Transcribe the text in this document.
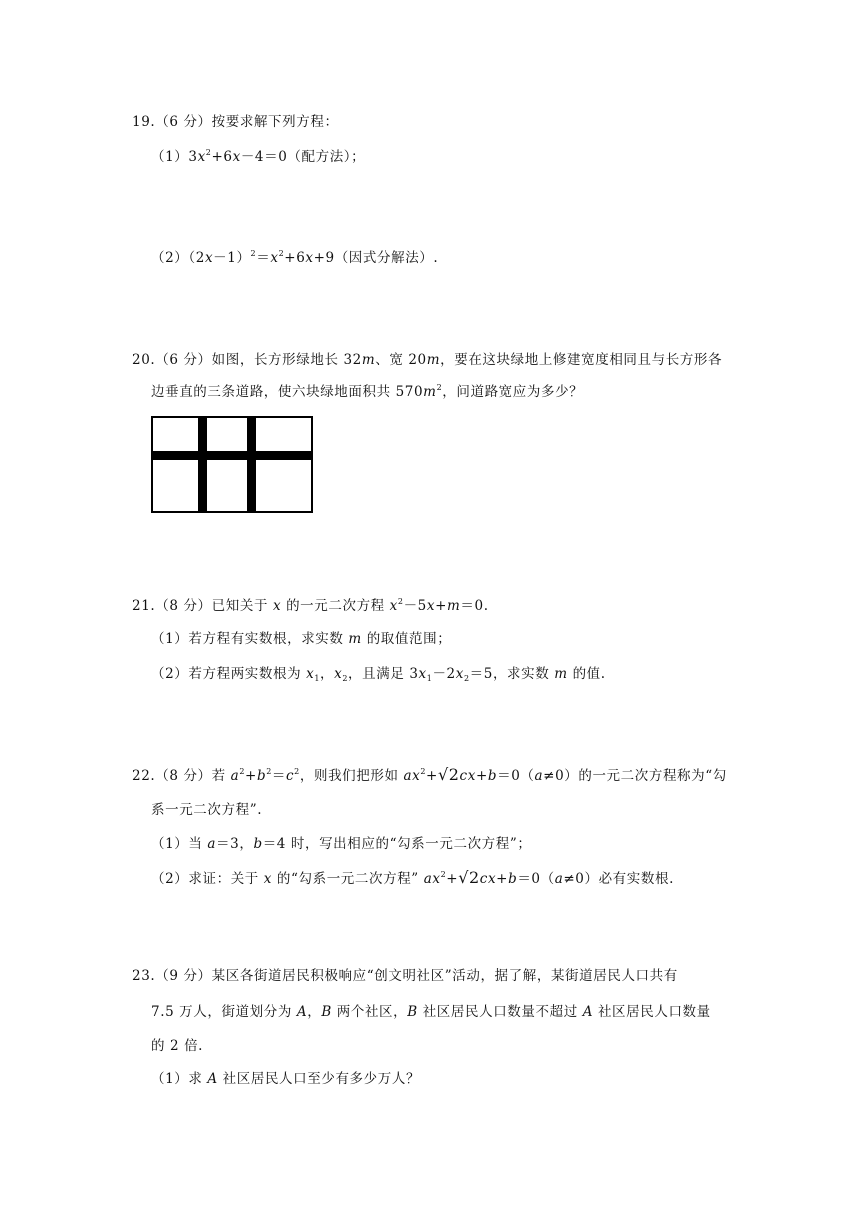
19.（6 分）按要求解下列方程：
$(1)3x^2+6x-4=0$（配方法）；
$(2)(2x-1)^2=x^2+6x+9$（因式分解法）.
20.（6 分）如图，长方形绿地长 32m、宽 20m，要在这块绿地上修建宽度相同且与长方形各
边垂直的三条道路，使六块绿地面积共 $570m^2$，问道路宽应为多少？
21.（8 分）已知关于 x 的一元二次方程 $x^2-5x+m=0$.
（1）若方程有实数根，求实数 m 的取值范围；
（2）若方程两实数根为 $x_1$，$x_2$，且满足 $3x_1-2x_2=5$，求实数 m 的值.
22.（8 分）若 $a^2+b^2=c^2$，则我们把形如 $ax^2+√2cx+b=0(a\ne 0)$的一元二次方程称为“勾
系一元二次方程”.
（1）当 a＝3，b＝4 时，写出相应的“勾系一元二次方程”；
（2）求证：关于 x 的“勾系一元二次方程” $ax^2+√2cx+b=0(a\ne 0)$必有实数根.
23.（9 分）某区各街道居民积极响应“创文明社区”活动，据了解，某街道居民人口共有
7.5 万人，街道划分为 A，B 两个社区，B 社区居民人口数量不超过 A 社区居民人口数量
的 2 倍.
（1）求 A 社区居民人口至少有多少万人？
